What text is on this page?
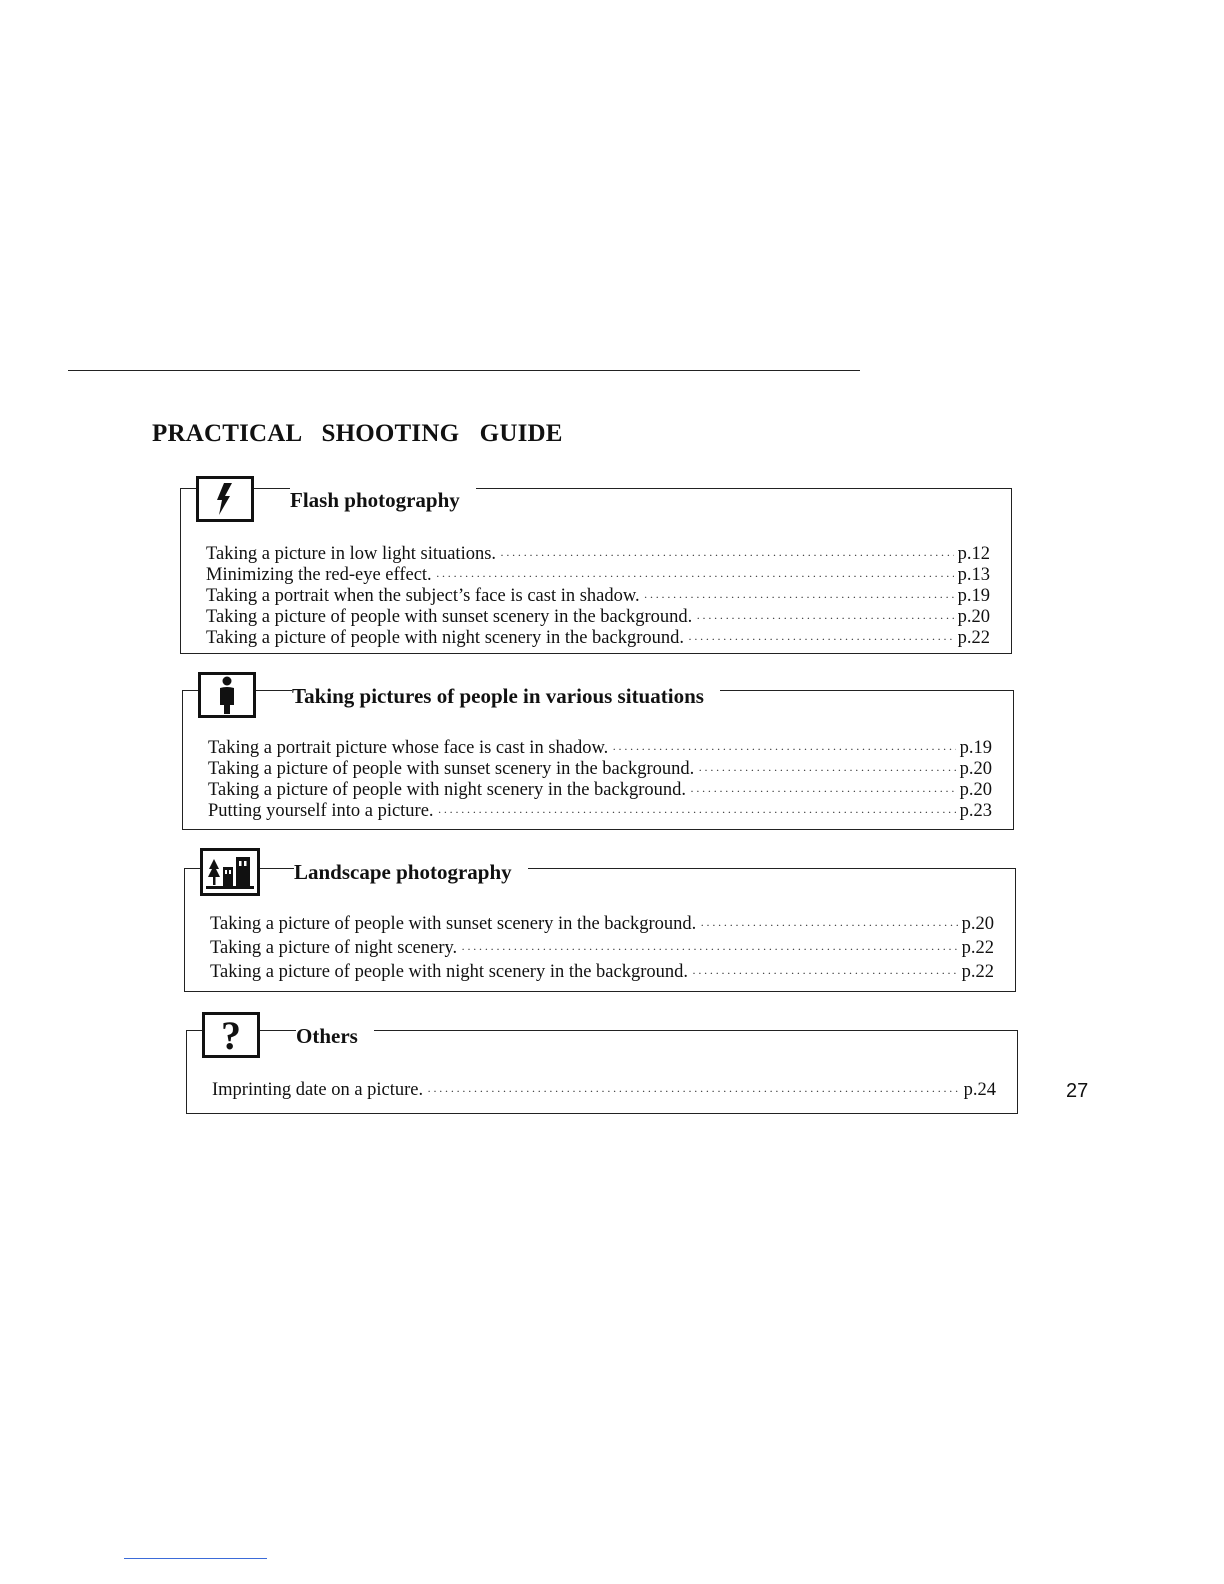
PRACTICAL SHOOTING GUIDE
Flash photography
Taking a picture in low light situations. ·····	p.12
Minimizing the red-eye effect. ·····	p.13
Taking a portrait when the subject’s face is cast in shadow. ·····	p.19
Taking a picture of people with sunset scenery in the background. ·····	p.20
Taking a picture of people with night scenery in the background. ·····	p.22
Taking pictures of people in various situations
Taking a portrait picture whose face is cast in shadow. ·····	p.19
Taking a picture of people with sunset scenery in the background. ·····	p.20
Taking a picture of people with night scenery in the background. ·····	p.20
Putting yourself into a picture. ·····	p.23
Landscape photography
Taking a picture of people with sunset scenery in the background. ·····	p.20
Taking a picture of night scenery. ·····	p.22
Taking a picture of people with night scenery in the background. ·····	p.22
?	Others
Imprinting date on a picture. ·····	p.24	27
